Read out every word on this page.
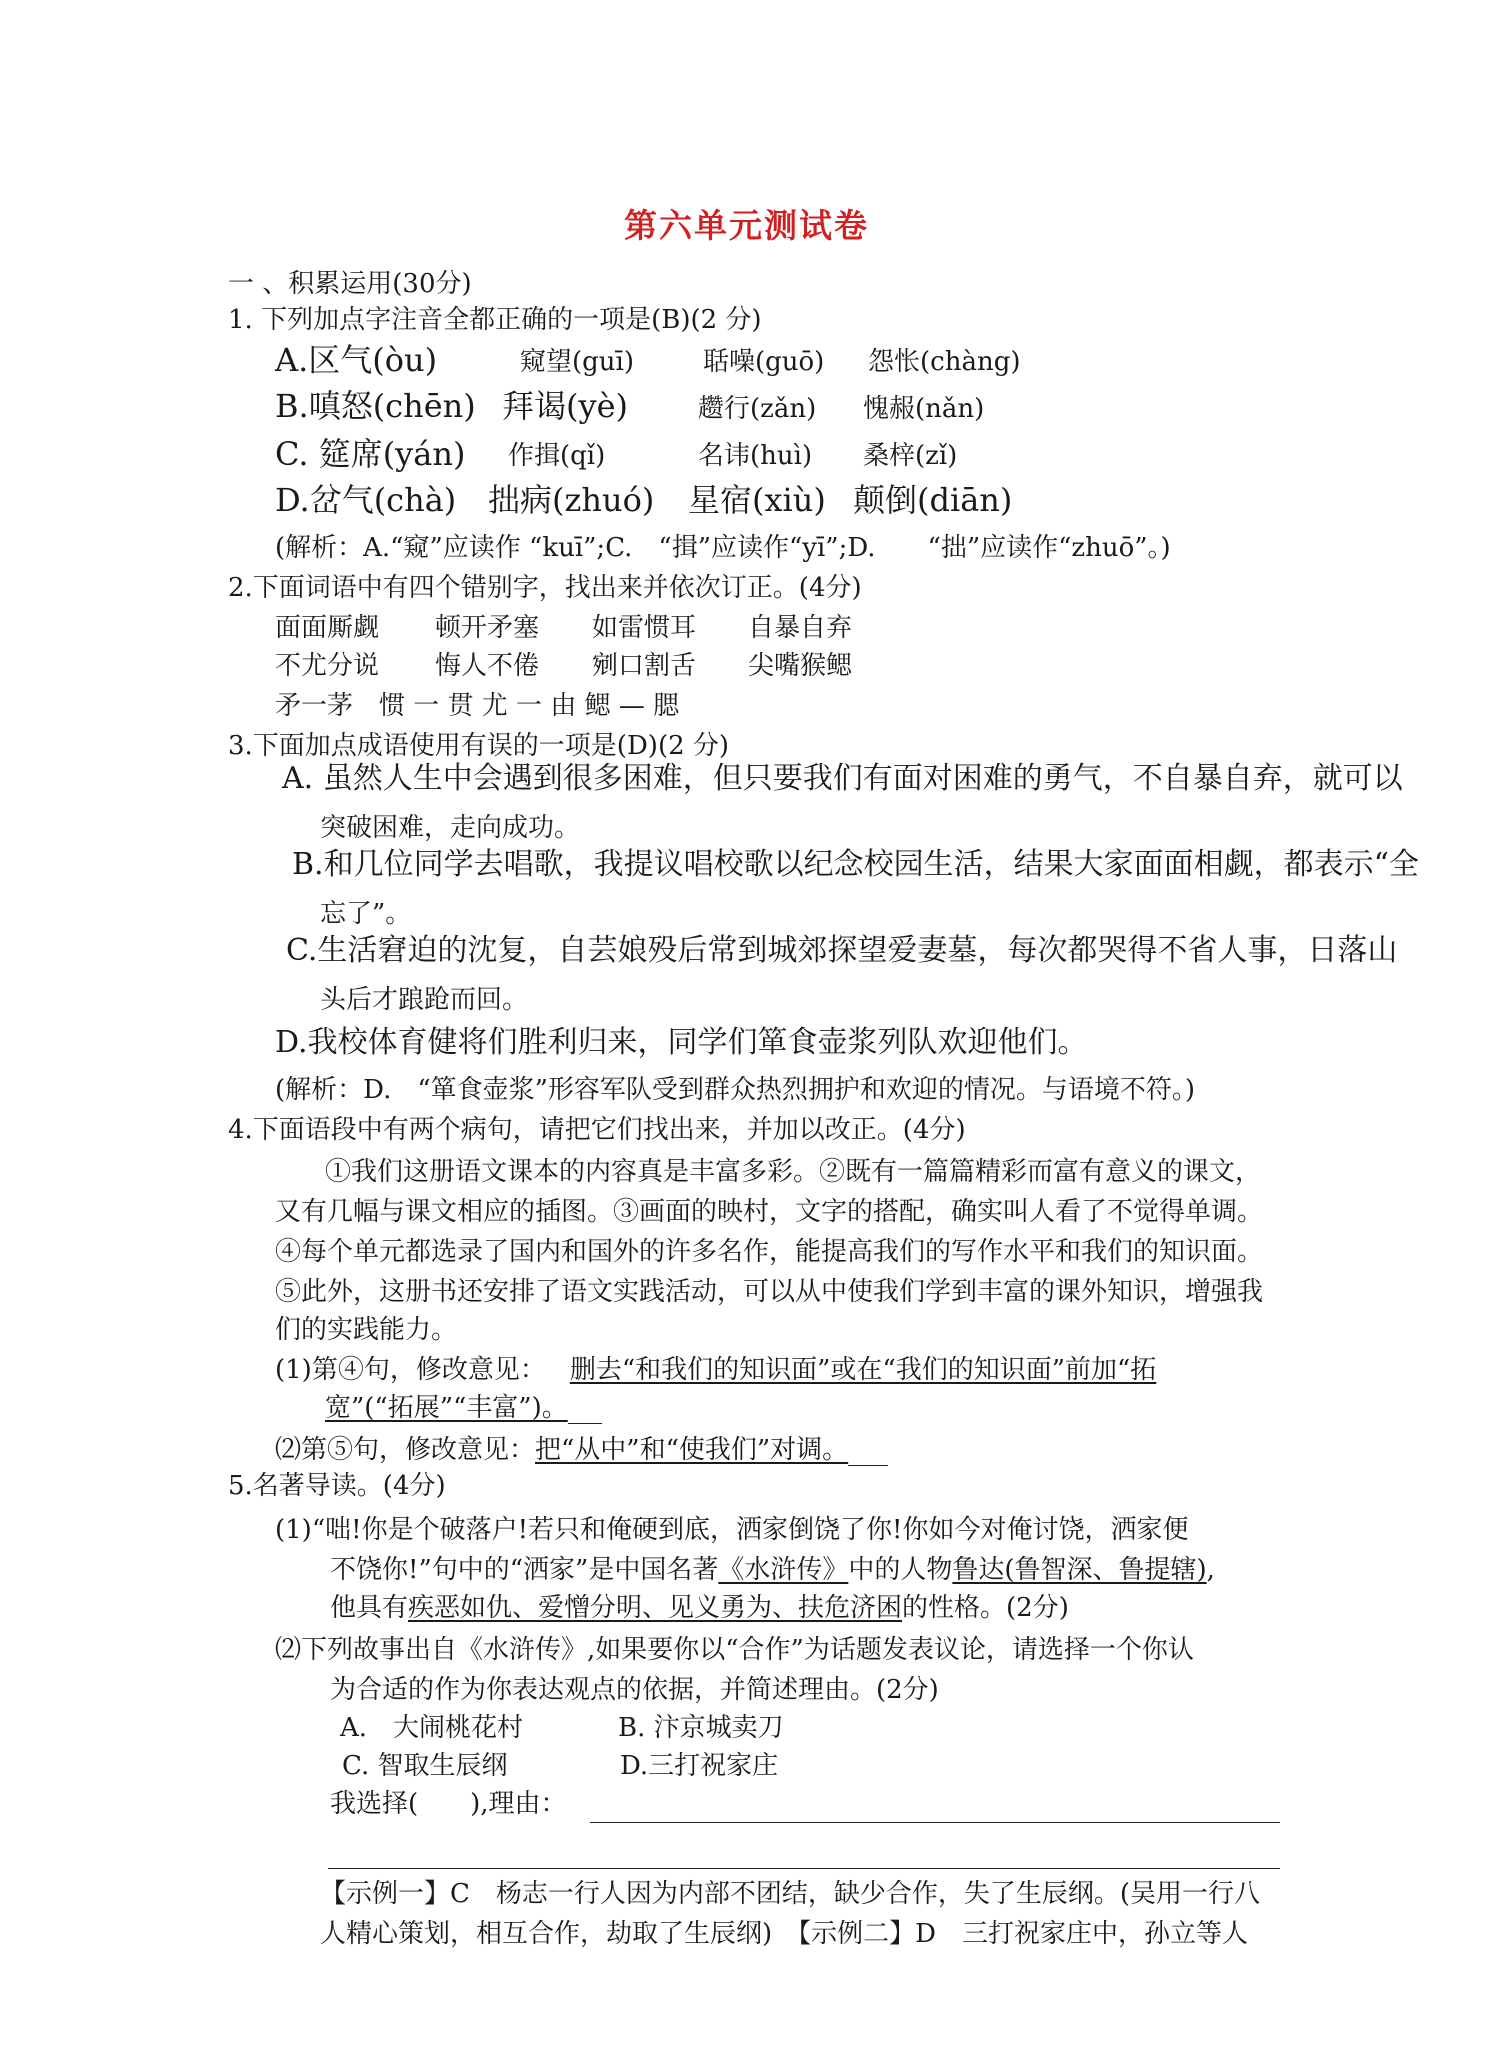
第六单元测试卷
一 、积累运用(30分)
1. 下列加点字注音全都正确的一项是(B)(2 分)
A.区气(òu)	窥望(guī)	聒噪(guō) 怨怅(chàng)
B.嗔怒(chēn) 拜谒(yè)	趱行(zǎn) 愧赧(nǎn)
C. 筵席(yán) 作揖(qǐ)	名讳(huì) 桑梓(zǐ)
D.岔气(chà) 拙病(zhuó) 星宿(xiù) 颠倒(diān)
(解析：A.“窥”应读作 “kuī”;C.　“揖”应读作“yī”;D.　　“拙”应读作“zhuō”。)
2.下面词语中有四个错别字，找出来并依次订正。(4分)
面面厮觑 顿开矛塞 如雷惯耳 自暴自弃
不尤分说 悔人不倦 剜口割舌 尖嘴猴鳃
矛一茅　惯 一 贯 尤 一 由 鳃 — 腮
3.下面加点成语使用有误的一项是(D)(2 分)
A. 虽然人生中会遇到很多困难，但只要我们有面对困难的勇气，不自暴自弃，就可以
突破困难，走向成功。
B.和几位同学去唱歌，我提议唱校歌以纪念校园生活，结果大家面面相觑，都表示“全
忘了”。
C.生活窘迫的沈复，自芸娘殁后常到城郊探望爱妻墓，每次都哭得不省人事，日落山
头后才踉跄而回。
D.我校体育健将们胜利归来，同学们箪食壶浆列队欢迎他们。
(解析：D.　“箪食壶浆”形容军队受到群众热烈拥护和欢迎的情况。与语境不符。)
4.下面语段中有两个病句，请把它们找出来，并加以改正。(4分)
①我们这册语文课本的内容真是丰富多彩。②既有一篇篇精彩而富有意义的课文，
又有几幅与课文相应的插图。③画面的映村，文字的搭配，确实叫人看了不觉得单调。
④每个单元都选录了国内和国外的许多名作，能提高我们的写作水平和我们的知识面。
⑤此外，这册书还安排了语文实践活动，可以从中使我们学到丰富的课外知识，增强我
们的实践能力。
(1)第④句，修改意见： 删去“和我们的知识面”或在“我们的知识面”前加“拓
宽”(“拓展”“丰富”)。
⑵第⑤句，修改意见：把“从中”和“使我们”对调。
5.名著导读。(4分)
(1)“咄!你是个破落户!若只和俺硬到底，洒家倒饶了你!你如今对俺讨饶，洒家便
不饶你!”句中的“洒家”是中国名著《水浒传》中的人物鲁达(鲁智深、鲁提辖),
他具有疾恶如仇、爱憎分明、见义勇为、扶危济困的性格。(2分)
⑵下列故事出自《水浒传》,如果要你以“合作”为话题发表议论，请选择一个你认
为合适的作为你表达观点的依据，并简述理由。(2分)
A.　大闹桃花村	B. 汴京城卖刀
C. 智取生辰纲	D.三打祝家庄
我选择(　　),理由：
【示例一】C　杨志一行人因为内部不团结，缺少合作，失了生辰纲。(吴用一行八
人精心策划，相互合作，劫取了生辰纲)　【示例二】D　三打祝家庄中，孙立等人
